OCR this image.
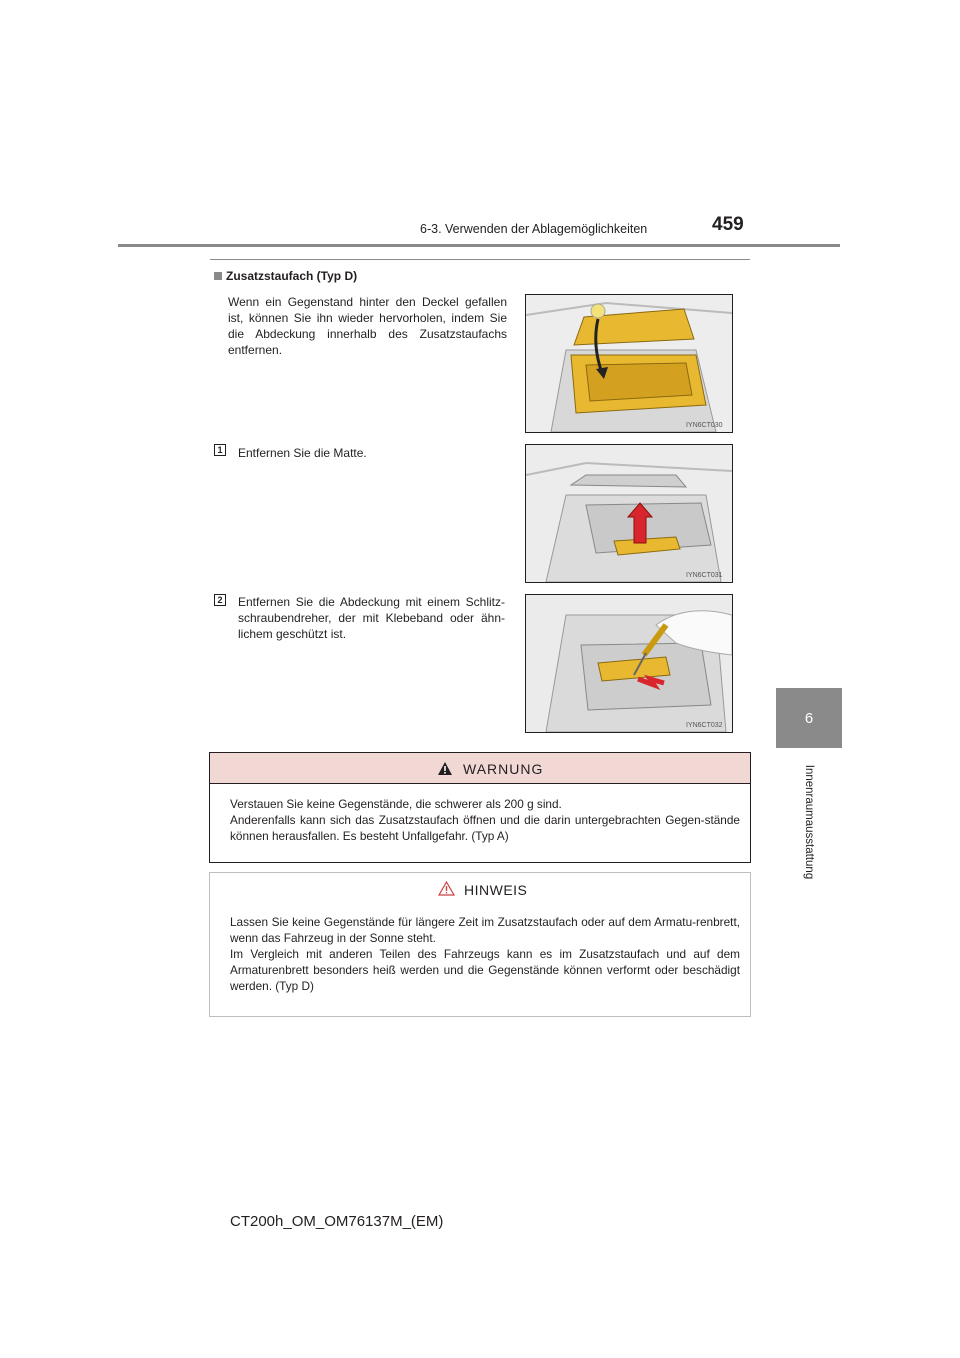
6-3. Verwenden der Ablagemöglichkeiten	459
6
Innenraumausstattung
Zusatzstaufach (Typ D)
Wenn ein Gegenstand hinter den Deckel gefallen ist, können Sie ihn wieder hervorholen, indem Sie die Abdeckung innerhalb des Zusatzstaufachs entfernen.
1 Entfernen Sie die Matte.
2 Entfernen Sie die Abdeckung mit einem Schlitz-schraubendreher, der mit Klebeband oder ähn-lichem geschützt ist.
IYN6CT030
IYN6CT031
IYN6CT032
WARNUNG
Verstauen Sie keine Gegenstände, die schwerer als 200 g sind.
Anderenfalls kann sich das Zusatzstaufach öffnen und die darin untergebrachten Gegen-stände können herausfallen. Es besteht Unfallgefahr. (Typ A)
HINWEIS
Lassen Sie keine Gegenstände für längere Zeit im Zusatzstaufach oder auf dem Armatu-renbrett, wenn das Fahrzeug in der Sonne steht.
Im Vergleich mit anderen Teilen des Fahrzeugs kann es im Zusatzstaufach und auf dem Armaturenbrett besonders heiß werden und die Gegenstände können verformt oder beschädigt werden. (Typ D)
CT200h_OM_OM76137M_(EM)
